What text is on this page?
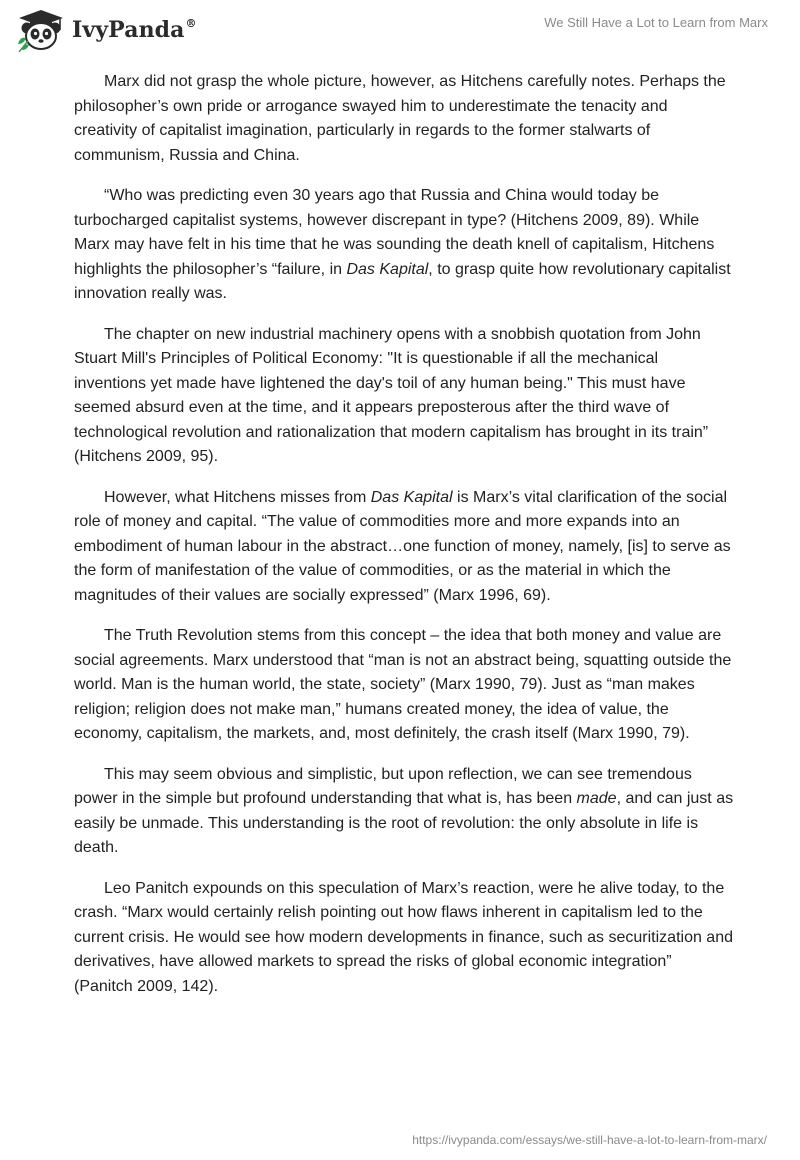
IvyPanda®	We Still Have a Lot to Learn from Marx

Marx did not grasp the whole picture, however, as Hitchens carefully notes. Perhaps the philosopher’s own pride or arrogance swayed him to underestimate the tenacity and creativity of capitalist imagination, particularly in regards to the former stalwarts of communism, Russia and China.

“Who was predicting even 30 years ago that Russia and China would today be turbocharged capitalist systems, however discrepant in type? (Hitchens 2009, 89). While Marx may have felt in his time that he was sounding the death knell of capitalism, Hitchens highlights the philosopher’s “failure, in Das Kapital, to grasp quite how revolutionary capitalist innovation really was.

The chapter on new industrial machinery opens with a snobbish quotation from John Stuart Mill's Principles of Political Economy: "It is questionable if all the mechanical inventions yet made have lightened the day's toil of any human being." This must have seemed absurd even at the time, and it appears preposterous after the third wave of technological revolution and rationalization that modern capitalism has brought in its train” (Hitchens 2009, 95).

However, what Hitchens misses from Das Kapital is Marx’s vital clarification of the social role of money and capital. “The value of commodities more and more expands into an embodiment of human labour in the abstract…one function of money, namely, [is] to serve as the form of manifestation of the value of commodities, or as the material in which the magnitudes of their values are socially expressed” (Marx 1996, 69).

The Truth Revolution stems from this concept – the idea that both money and value are social agreements. Marx understood that “man is not an abstract being, squatting outside the world. Man is the human world, the state, society” (Marx 1990, 79). Just as “man makes religion; religion does not make man,” humans created money, the idea of value, the economy, capitalism, the markets, and, most definitely, the crash itself (Marx 1990, 79).

This may seem obvious and simplistic, but upon reflection, we can see tremendous power in the simple but profound understanding that what is, has been made, and can just as easily be unmade. This understanding is the root of revolution: the only absolute in life is death.

Leo Panitch expounds on this speculation of Marx’s reaction, were he alive today, to the crash. “Marx would certainly relish pointing out how flaws inherent in capitalism led to the current crisis. He would see how modern developments in finance, such as securitization and derivatives, have allowed markets to spread the risks of global economic integration” (Panitch 2009, 142).

https://ivypanda.com/essays/we-still-have-a-lot-to-learn-from-marx/
